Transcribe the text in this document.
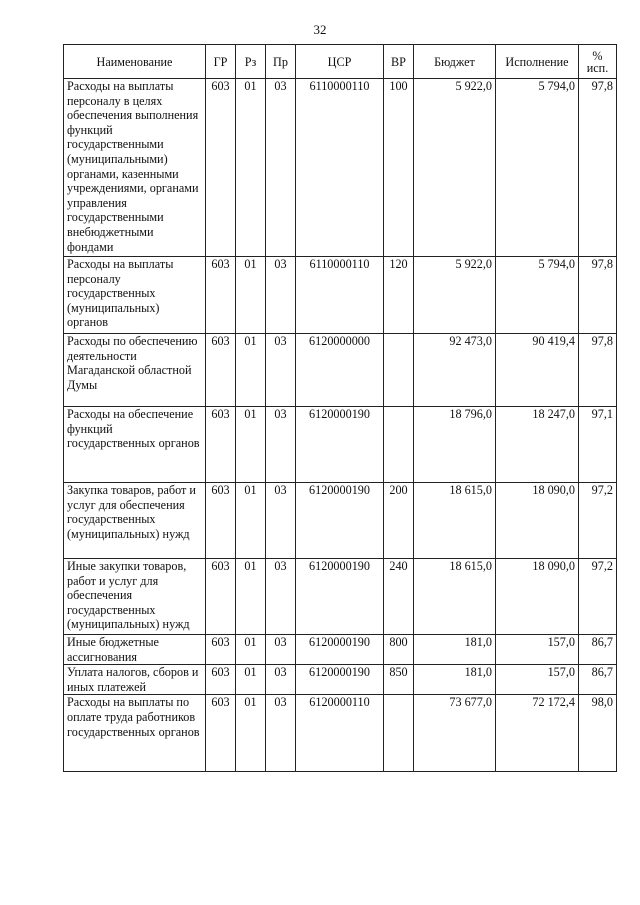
32
Наименование	ГР	Рз	Пр	ЦСР	ВР	Бюджет	Исполнение	% исп.
Расходы на выплаты персоналу в целях обеспечения выполнения функций государственными (муниципальными) органами, казенными учреждениями, органами управления государственными внебюджетными фондами	603	01	03	6110000110	100	5 922,0	5 794,0	97,8
Расходы на выплаты персоналу государственных (муниципальных) органов	603	01	03	6110000110	120	5 922,0	5 794,0	97,8
Расходы по обеспечению деятельности Магаданской областной Думы	603	01	03	6120000000		92 473,0	90 419,4	97,8
Расходы на обеспечение функций государственных органов	603	01	03	6120000190		18 796,0	18 247,0	97,1
Закупка товаров, работ и услуг для обеспечения государственных (муниципальных) нужд	603	01	03	6120000190	200	18 615,0	18 090,0	97,2
Иные закупки товаров, работ и услуг для обеспечения государственных (муниципальных) нужд	603	01	03	6120000190	240	18 615,0	18 090,0	97,2
Иные бюджетные ассигнования	603	01	03	6120000190	800	181,0	157,0	86,7
Уплата налогов, сборов и иных платежей	603	01	03	6120000190	850	181,0	157,0	86,7
Расходы на выплаты по оплате труда работников государственных органов	603	01	03	6120000110		73 677,0	72 172,4	98,0
